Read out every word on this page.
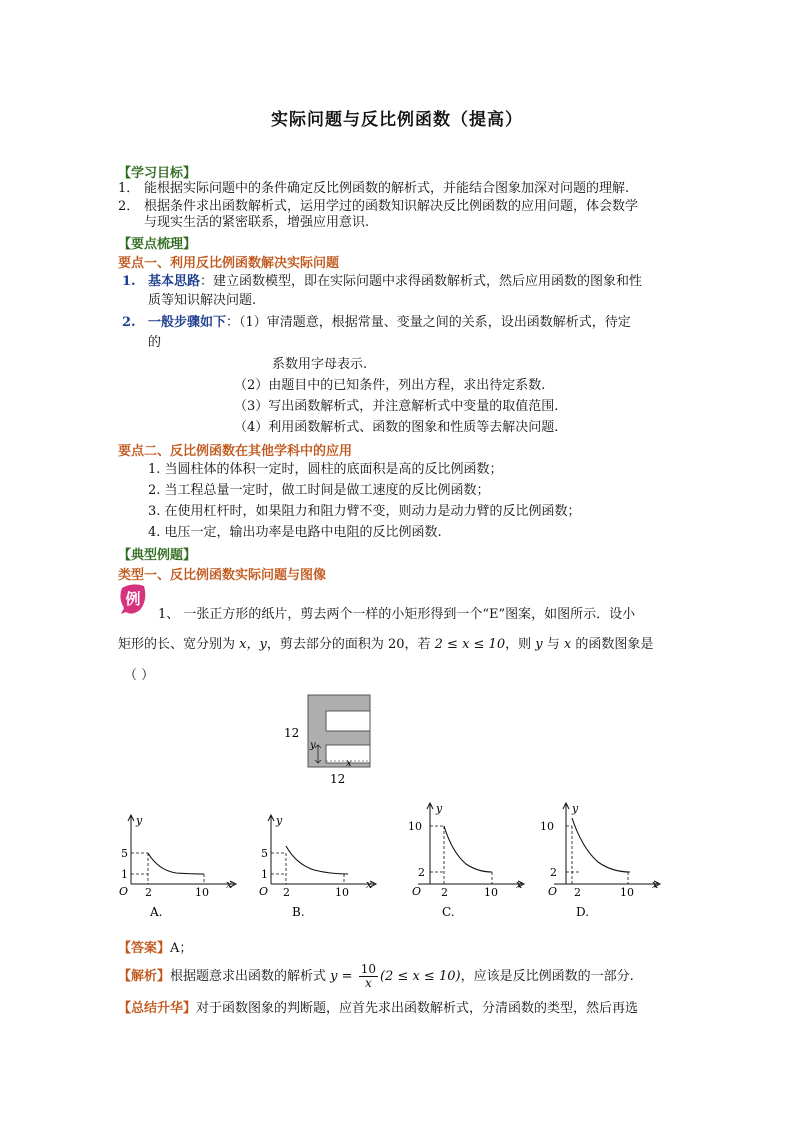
实际问题与反比例函数（提高）
【学习目标】
1． 能根据实际问题中的条件确定反比例函数的解析式，并能结合图象加深对问题的理解.
2． 根据条件求出函数解析式，运用学过的函数知识解决反比例函数的应用问题，体会数学
与现实生活的紧密联系，增强应用意识.
【要点梳理】
要点一、利用反比例函数解决实际问题
1. 基本思路：建立函数模型，即在实际问题中求得函数解析式，然后应用函数的图象和性
质等知识解决问题.
2. 一般步骤如下：（1）审清题意，根据常量、变量之间的关系，设出函数解析式，待定
的
系数用字母表示.
（2）由题目中的已知条件，列出方程，求出待定系数.
（3）写出函数解析式，并注意解析式中变量的取值范围.
（4）利用函数解析式、函数的图象和性质等去解决问题.
要点二、反比例函数在其他学科中的应用
1. 当圆柱体的体积一定时，圆柱的底面积是高的反比例函数；
2. 当工程总量一定时，做工时间是做工速度的反比例函数；
3. 在使用杠杆时，如果阻力和阻力臂不变，则动力是动力臂的反比例函数；
4. 电压一定，输出功率是电路中电阻的反比例函数.
【典型例题】
类型一、反比例函数实际问题与图像
例
1、 一张正方形的纸片，剪去两个一样的小矩形得到一个“E”图案，如图所示．设小
矩形的长、宽分别为 x，y，剪去部分的面积为 20，若 2 ≤ x ≤ 10，则 y 与 x 的函数图象是
（ ）
12
12
y
x
y
x
O
5
1
2	10
A.
y
x
O
5
1
2	10
B.
y
x
O
10
2
2	10
C.
y
x
O
10
2
2	10
D.
【答案】A；
【解析】根据题意求出函数的解析式 $y = \frac{10}{x} (2 \le x \le 10)$，应该是反比例函数的一部分.
【总结升华】对于函数图象的判断题，应首先求出函数解析式，分清函数的类型，然后再选
